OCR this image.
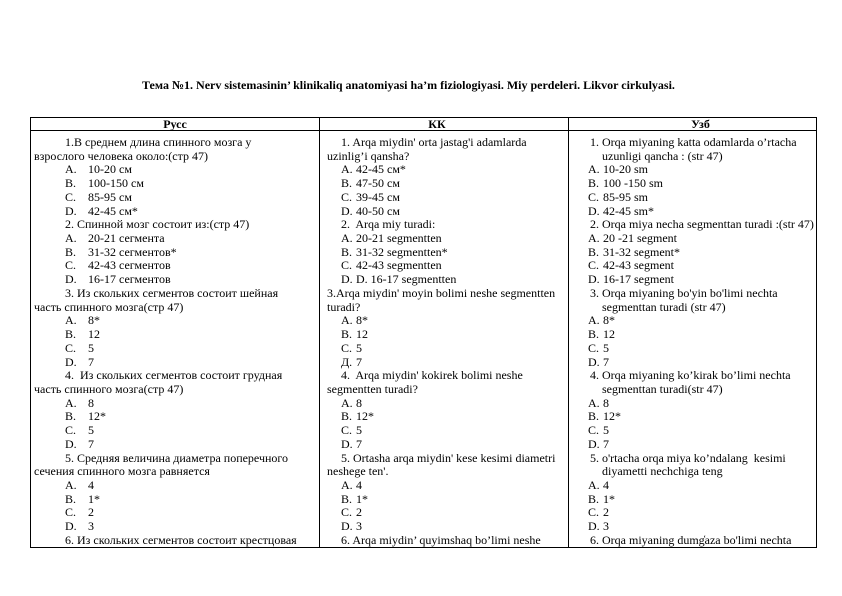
Тема №1. Nerv sistemasinin’ klinikaliq anatomiyasi ha’m fiziologiyasi. Miy perdeleri. Likvor cirkulyasi.
Русс
1.В среднем длина спинного мозга у
взрослого человека около:(стр 47)
A. 10-20 см
B. 100-150 см
C. 85-95 см
D. 42-45 см*
2. Спинной мозг состоит из:(стр 47)
A. 20-21 сегмента
B. 31-32 сегментов*
C. 42-43 сегментов
D. 16-17 сегментов
3. Из скольких сегментов состоит шейная
часть спинного мозга(стр 47)
A. 8*
B. 12
C. 5
D. 7
4.  Из скольких сегментов состоит грудная
часть спинного мозга(стр 47)
A. 8
B. 12*
C. 5
D. 7
5. Средняя величина диаметра поперечного
сечения спинного мозга равняется
A. 4
B. 1*
C. 2
D. 3
6. Из скольких сегментов состоит крестцовая
КК
1. Arqa miydin' orta jastag'i adamlarda
uzinlig’i qansha?
A. 42-45 см*
B. 47-50 см
C. 39-45 см
D. 40-50 см
2.  Arqa miy turadi:
A. 20-21 segmentten
B. 31-32 segmentten*
C. 42-43 segmentten
D. D. 16-17 segmentten
3.Arqa miydin' moyin bolimi neshe segmentten
turadi?
A. 8*
B. 12
C. 5
Д. 7
4.  Arqa miydin' kokirek bolimi neshe
segmentten turadi?
A. 8
B. 12*
C. 5
D. 7
5. Ortasha arqa miydin' kese kesimi diametri
neshege ten'.
A. 4
B. 1*
C. 2
D. 3
6. Arqa miydin’ quyimshaq bo’limi neshe
Узб
1. Orqa miyaning katta odamlarda o’rtacha
uzunligi qancha : (str 47)
A. 10-20 sm
B. 100 -150 sm
C. 85-95 sm
D. 42-45 sm*
2. Orqa miya necha segmenttan turadi :(str 47)
A. 20 -21 segment
B. 31-32 segment*
C. 42-43 segment
D. 16-17 segment
3. Orqa miyaning bo'yin bo'limi nechta
segmenttan turadi (str 47)
A. 8*
B. 12
C. 5
D. 7
4. Orqa miyaning ko’kirak bo’limi nechta
segmenttan turadi(str 47)
A. 8
B. 12*
C. 5
D. 7
5. o'rtacha orqa miya ko’ndalang  kesimi
diyametti nechchiga teng
A. 4
B. 1*
C. 2
D. 3
6. Orqa miyaning dumg̒aza bo'limi nechta
